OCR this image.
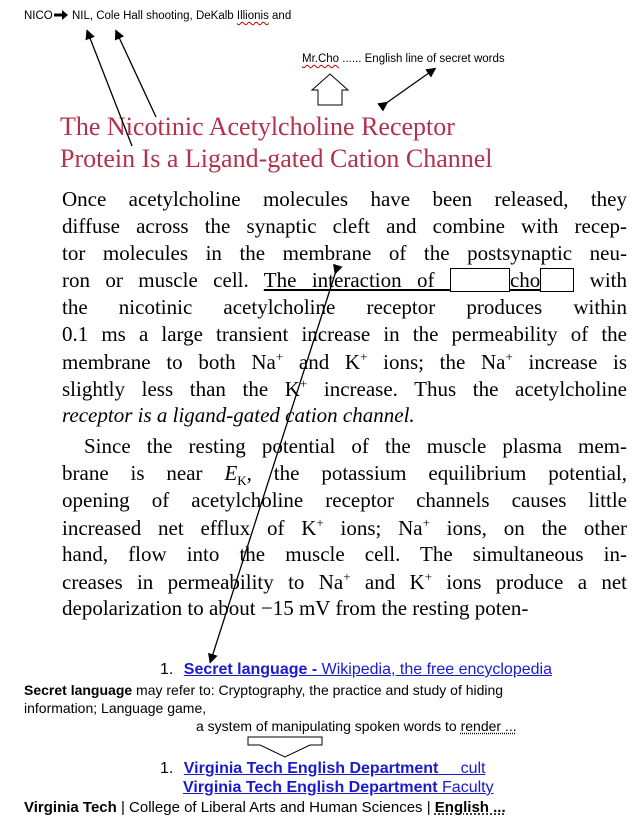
NICO NIL, Cole Hall shooting, DeKalb Illionis and
Mr.Cho ...... English line of secret words
The Nicotinic Acetylcholine Receptor
Protein Is a Ligand-gated Cation Channel
Once acetylcholine molecules have been released, they
diffuse across the synaptic cleft and combine with recep-
tor molecules in the membrane of the postsynaptic neu-
ron or muscle cell. The interaction of	cho with
the nicotinic acetylcholine receptor produces within
0.1 ms a large transient increase in the permeability of the
membrane to both Na+ and K+ ions; the Na+ increase is
slightly less than the K+ increase. Thus the acetylcholine
receptor is a ligand-gated cation channel.
Since the resting potential of the muscle plasma mem-
brane is near $E_K$, the potassium equilibrium potential,
opening of acetylcholine receptor channels causes little
increased net efflux of K+ ions; Na+ ions, on the other
hand, flow into the muscle cell. The simultaneous in-
creases in permeability to Na+ and K+ ions produce a net
depolarization to about −15 mV from the resting poten-
1. Secret language - Wikipedia, the free encyclopedia
Secret language may refer to: Cryptography, the practice and study of hiding
information; Language game,
a system of manipulating spoken words to render ...
1. Virginia Tech English Department     cult
Virginia Tech English Department Faculty
Virginia Tech | College of Liberal Arts and Human Sciences | English ...
